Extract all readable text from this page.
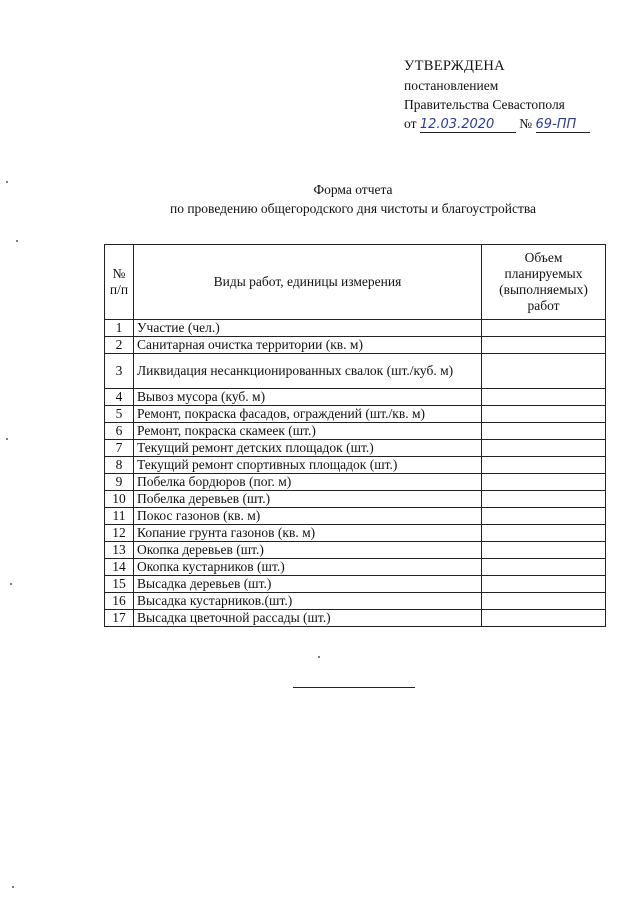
УТВЕРЖДЕНА
постановлением
Правительства Севастополя
от 12.03.2020 № 69-ПП
Форма отчета
по проведению общегородского дня чистоты и благоустройства
№ п/п	Виды работ, единицы измерения	Объем планируемых (выполняемых) работ
1	Участие (чел.)	
2	Санитарная очистка территории (кв. м)	
3	Ликвидация несанкционированных свалок (шт./куб. м)	
4	Вывоз мусора (куб. м)	
5	Ремонт, покраска фасадов, ограждений (шт./кв. м)	
6	Ремонт, покраска скамеек (шт.)	
7	Текущий ремонт детских площадок (шт.)	
8	Текущий ремонт спортивных площадок (шт.)	
9	Побелка бордюров (пог. м)	
10	Побелка деревьев (шт.)	
11	Покос газонов (кв. м)	
12	Копание грунта газонов (кв. м)	
13	Окопка деревьев (шт.)	
14	Окопка кустарников (шт.)	
15	Высадка деревьев (шт.)	
16	Высадка кустарников.(шт.)	
17	Высадка цветочной рассады (шт.)	
